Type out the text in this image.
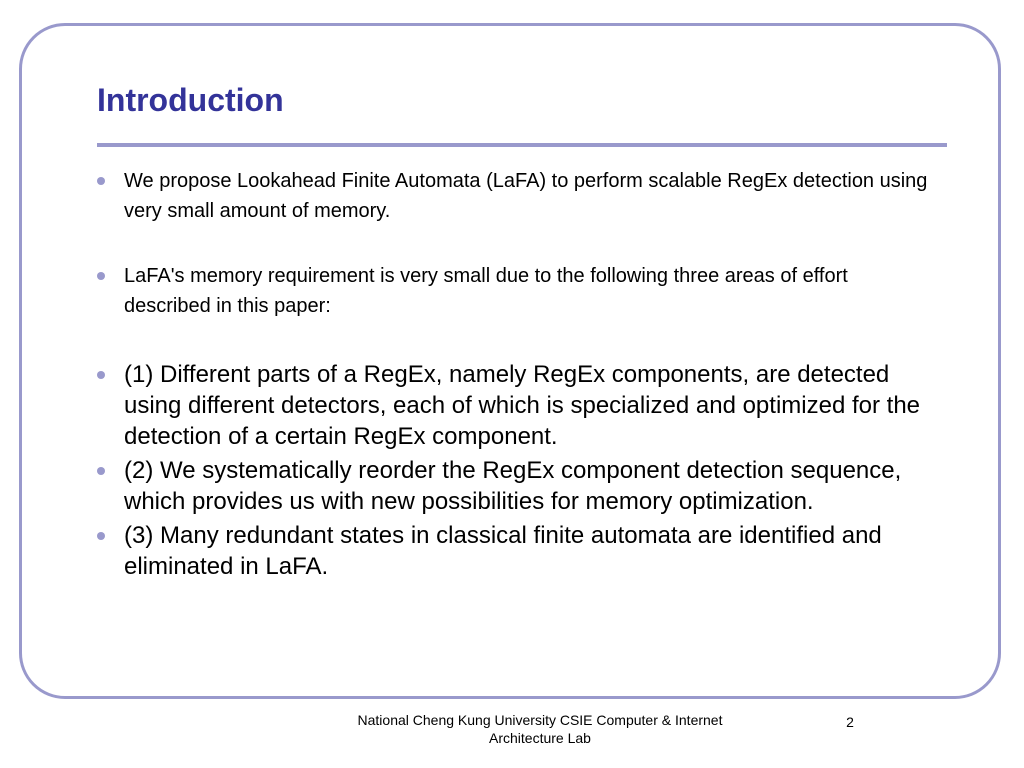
Introduction
We propose Lookahead Finite Automata (LaFA) to perform scalable RegEx detection using very small amount of memory.
LaFA's memory requirement is very small due to the following three areas of effort described in this paper:
(1) Different parts of a RegEx, namely RegEx components, are detected using different detectors, each of which is specialized and optimized for the detection of a certain RegEx component.
(2) We systematically reorder the RegEx component detection sequence, which provides us with new possibilities for memory optimization.
(3) Many redundant states in classical finite automata are identified and eliminated in LaFA.
National Cheng Kung University CSIE Computer & Internet Architecture Lab
2
